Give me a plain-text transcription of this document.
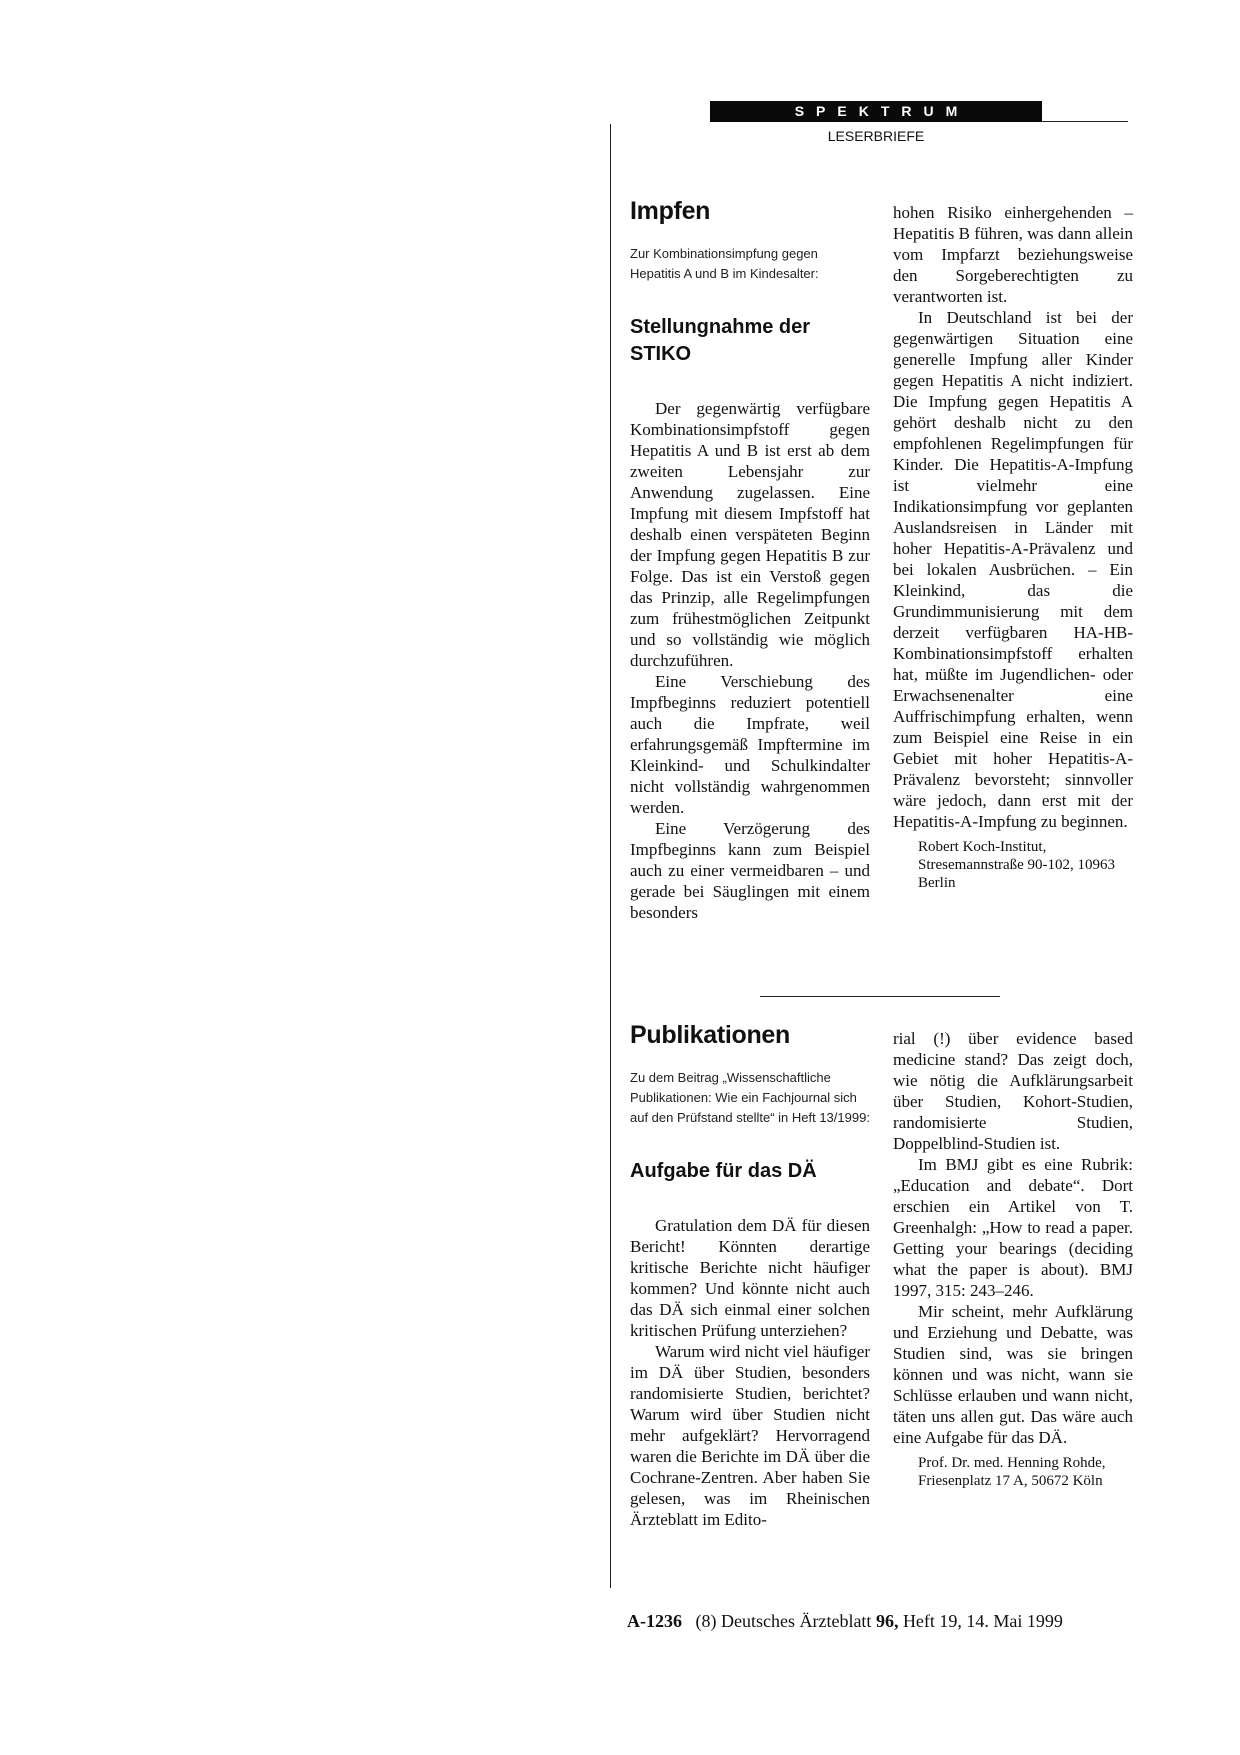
SPEKTRUM
LESERBRIEFE
Impfen
Zur Kombinationsimpfung gegen Hepatitis A und B im Kindesalter:
Stellungnahme der STIKO

Der gegenwärtig verfügbare Kombinationsimpfstoff gegen Hepatitis A und B ist erst ab dem zweiten Lebensjahr zur Anwendung zugelassen. Eine Impfung mit diesem Impfstoff hat deshalb einen verspäteten Beginn der Impfung gegen Hepatitis B zur Folge. Das ist ein Verstoß gegen das Prinzip, alle Regelimpfungen zum frühestmöglichen Zeitpunkt und so vollständig wie möglich durchzuführen.

Eine Verschiebung des Impfbeginns reduziert potentiell auch die Impfrate, weil erfahrungsgemäß Impftermine im Kleinkind- und Schulkindalter nicht vollständig wahrgenommen werden.

Eine Verzögerung des Impfbeginns kann zum Beispiel auch zu einer vermeidbaren – und gerade bei Säuglingen mit einem besonders

hohen Risiko einhergehenden – Hepatitis B führen, was dann allein vom Impfarzt beziehungsweise den Sorgeberechtigten zu verantworten ist.

In Deutschland ist bei der gegenwärtigen Situation eine generelle Impfung aller Kinder gegen Hepatitis A nicht indiziert. Die Impfung gegen Hepatitis A gehört deshalb nicht zu den empfohlenen Regelimpfungen für Kinder. Die Hepatitis-A-Impfung ist vielmehr eine Indikationsimpfung vor geplanten Auslandsreisen in Länder mit hoher Hepatitis-A-Prävalenz und bei lokalen Ausbrüchen. – Ein Kleinkind, das die Grundimmunisierung mit dem derzeit verfügbaren HA-HB-Kombinationsimpfstoff erhalten hat, müßte im Jugendlichen- oder Erwachsenenalter eine Auffrischimpfung erhalten, wenn zum Beispiel eine Reise in ein Gebiet mit hoher Hepatitis-A-Prävalenz bevorsteht; sinnvoller wäre jedoch, dann erst mit der Hepatitis-A-Impfung zu beginnen.

Robert Koch-Institut, Stresemannstraße 90-102, 10963 Berlin
Publikationen
Zu dem Beitrag „Wissenschaftliche Publikationen: Wie ein Fachjournal sich auf den Prüfstand stellte“ in Heft 13/1999:
Aufgabe für das DÄ

Gratulation dem DÄ für diesen Bericht! Könnten derartige kritische Berichte nicht häufiger kommen? Und könnte nicht auch das DÄ sich einmal einer solchen kritischen Prüfung unterziehen?

Warum wird nicht viel häufiger im DÄ über Studien, besonders randomisierte Studien, berichtet? Warum wird über Studien nicht mehr aufgeklärt? Hervorragend waren die Berichte im DÄ über die Cochrane-Zentren. Aber haben Sie gelesen, was im Rheinischen Ärzteblatt im Edito-

rial (!) über evidence based medicine stand? Das zeigt doch, wie nötig die Aufklärungsarbeit über Studien, Kohort-Studien, randomisierte Studien, Doppelblind-Studien ist.

Im BMJ gibt es eine Rubrik: „Education and debate“. Dort erschien ein Artikel von T. Greenhalgh: „How to read a paper. Getting your bearings (deciding what the paper is about). BMJ 1997, 315: 243–246.

Mir scheint, mehr Aufklärung und Erziehung und Debatte, was Studien sind, was sie bringen können und was nicht, wann sie Schlüsse erlauben und wann nicht, täten uns allen gut. Das wäre auch eine Aufgabe für das DÄ.

Prof. Dr. med. Henning Rohde, Friesenplatz 17 A, 50672 Köln
A-1236 (8) Deutsches Ärzteblatt 96, Heft 19, 14. Mai 1999
